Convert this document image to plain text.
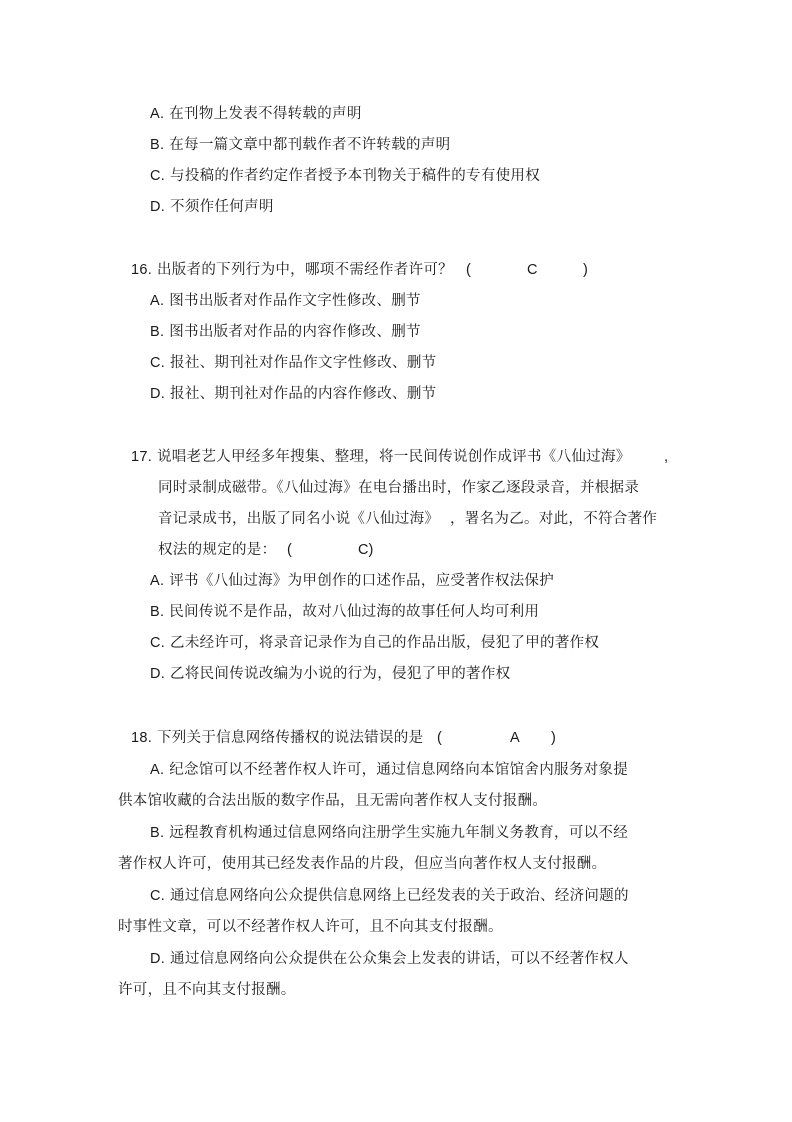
A. 在刊物上发表不得转载的声明
B. 在每一篇文章中都刊载作者不许转载的声明
C. 与投稿的作者约定作者授予本刊物关于稿件的专有使用权
D. 不须作任何声明
16. 出版者的下列行为中，哪项不需经作者许可？ (	C	)
A. 图书出版者对作品作文字性修改、删节
B. 图书出版者对作品的内容作修改、删节
C. 报社、期刊社对作品作文字性修改、删节
D. 报社、期刊社对作品的内容作修改、删节
17. 说唱老艺人甲经多年搜集、整理，将一民间传说创作成评书《八仙过海》 ,
同时录制成磁带。《八仙过海》在电台播出时，作家乙逐段录音，并根据录
音记录成书，出版了同名小说《八仙过海》 ，署名为乙。对此，不符合著作
权法的规定的是： (	C)
A. 评书《八仙过海》为甲创作的口述作品，应受著作权法保护
B. 民间传说不是作品，故对八仙过海的故事任何人均可利用
C. 乙未经许可，将录音记录作为自己的作品出版，侵犯了甲的著作权
D. 乙将民间传说改编为小说的行为，侵犯了甲的著作权
18. 下列关于信息网络传播权的说法错误的是 (	A )
A. 纪念馆可以不经著作权人许可，通过信息网络向本馆馆舍内服务对象提
供本馆收藏的合法出版的数字作品，且无需向著作权人支付报酬。
B. 远程教育机构通过信息网络向注册学生实施九年制义务教育，可以不经
著作权人许可，使用其已经发表作品的片段，但应当向著作权人支付报酬。
C. 通过信息网络向公众提供信息网络上已经发表的关于政治、经济问题的
时事性文章，可以不经著作权人许可，且不向其支付报酬。
D. 通过信息网络向公众提供在公众集会上发表的讲话，可以不经著作权人
许可，且不向其支付报酬。
